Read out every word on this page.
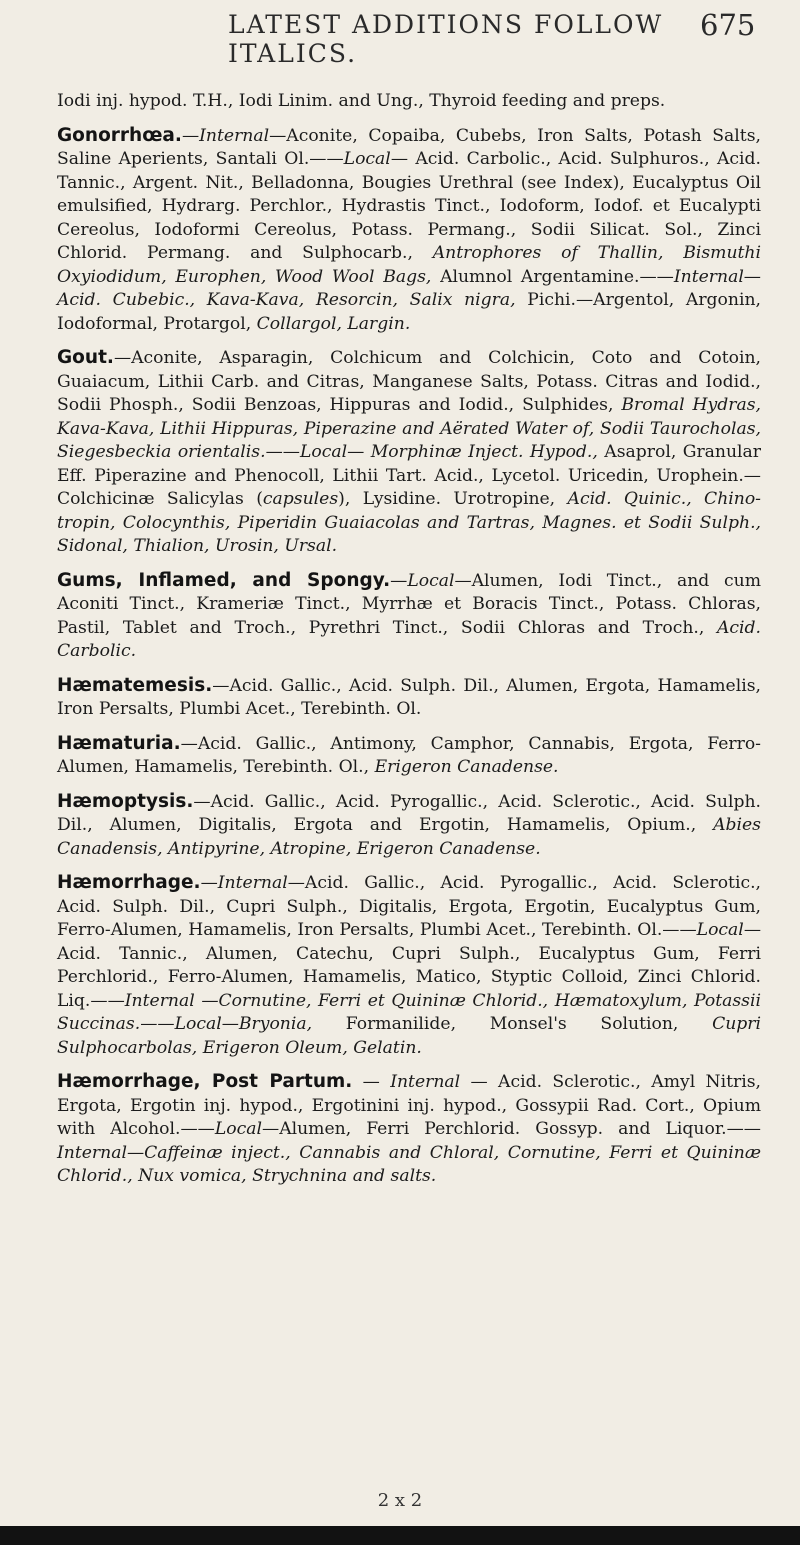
LATEST ADDITIONS FOLLOW ITALICS.
675

Iodi inj. hypod. T.H., Iodi Linim. and Ung., Thyroid feeding and preps.

Gonorrhœa.—Internal—Aconite, Copaiba, Cubebs, Iron Salts, Potash Salts, Saline Aperients, Santali Ol.——Local— Acid. Carbolic., Acid. Sulphuros., Acid. Tannic., Argent. Nit., Belladonna, Bougies Urethral (see Index), Eucalyptus Oil emulsified, Hydrarg. Perchlor., Hydrastis Tinct., Iodoform, Iodof. et Eucalypti Cereolus, Iodoformi Cereolus, Potass. Permang., Sodii Silicat. Sol., Zinci Chlorid. Permang. and Sulphocarb., Antrophores of Thallin, Bismuthi Oxyiodidum, Europhen, Wood Wool Bags, Alumnol Argentamine.——Internal—Acid. Cubebic., Kava-Kava, Resorcin, Salix nigra, Pichi.—Argentol, Argonin, Iodoformal, Protargol, Collargol, Largin.

Gout.—Aconite, Asparagin, Colchicum and Colchicin, Coto and Cotoin, Guaiacum, Lithii Carb. and Citras, Manganese Salts, Potass. Citras and Iodid., Sodii Phosph., Sodii Benzoas, Hippuras and Iodid., Sulphides, Bromal Hydras, Kava-Kava, Lithii Hippuras, Piperazine and Aërated Water of, Sodii Taurocholas, Siegesbeckia orientalis.——Local— Morphinæ Inject. Hypod., Asaprol, Granular Eff. Piperazine and Phenocoll, Lithii Tart. Acid., Lycetol. Uricedin, Urophein.—Colchicinæ Salicylas (capsules), Lysidine. Urotropine, Acid. Quinic., Chino-tropin, Colocynthis, Piperidin Guaiacolas and Tartras, Magnes. et Sodii Sulph., Sidonal, Thialion, Urosin, Ursal.

Gums, Inflamed, and Spongy.—Local—Alumen, Iodi Tinct., and cum Aconiti Tinct., Krameriæ Tinct., Myrrhæ et Boracis Tinct., Potass. Chloras, Pastil, Tablet and Troch., Pyrethri Tinct., Sodii Chloras and Troch., Acid. Carbolic.

Hæmatemesis.—Acid. Gallic., Acid. Sulph. Dil., Alumen, Ergota, Hamamelis, Iron Persalts, Plumbi Acet., Terebinth. Ol.

Hæmaturia.—Acid. Gallic., Antimony, Camphor, Cannabis, Ergota, Ferro-Alumen, Hamamelis, Terebinth. Ol., Erigeron Canadense.

Hæmoptysis.—Acid. Gallic., Acid. Pyrogallic., Acid. Sclerotic., Acid. Sulph. Dil., Alumen, Digitalis, Ergota and Ergotin, Hamamelis, Opium., Abies Canadensis, Antipyrine, Atropine, Erigeron Canadense.

Hæmorrhage.—Internal—Acid. Gallic., Acid. Pyrogallic., Acid. Sclerotic., Acid. Sulph. Dil., Cupri Sulph., Digitalis, Ergota, Ergotin, Eucalyptus Gum, Ferro-Alumen, Hamamelis, Iron Persalts, Plumbi Acet., Terebinth. Ol.——Local—Acid. Tannic., Alumen, Catechu, Cupri Sulph., Eucalyptus Gum, Ferri Perchlorid., Ferro-Alumen, Hamamelis, Matico, Styptic Colloid, Zinci Chlorid. Liq.——Internal —Cornutine, Ferri et Quininæ Chlorid., Hæmatoxylum, Potassii Succinas.——Local—Bryonia, Formanilide, Monsel's Solution, Cupri Sulphocarbolas, Erigeron Oleum, Gelatin.

Hæmorrhage, Post Partum. — Internal — Acid. Sclerotic., Amyl Nitris, Ergota, Ergotin inj. hypod., Ergotinini inj. hypod., Gossypii Rad. Cort., Opium with Alcohol.——Local—Alumen, Ferri Perchlorid. Gossyp. and Liquor.——Internal—Caffeinæ inject., Cannabis and Chloral, Cornutine, Ferri et Quininæ Chlorid., Nux vomica, Strychnina and salts.

2 x 2
